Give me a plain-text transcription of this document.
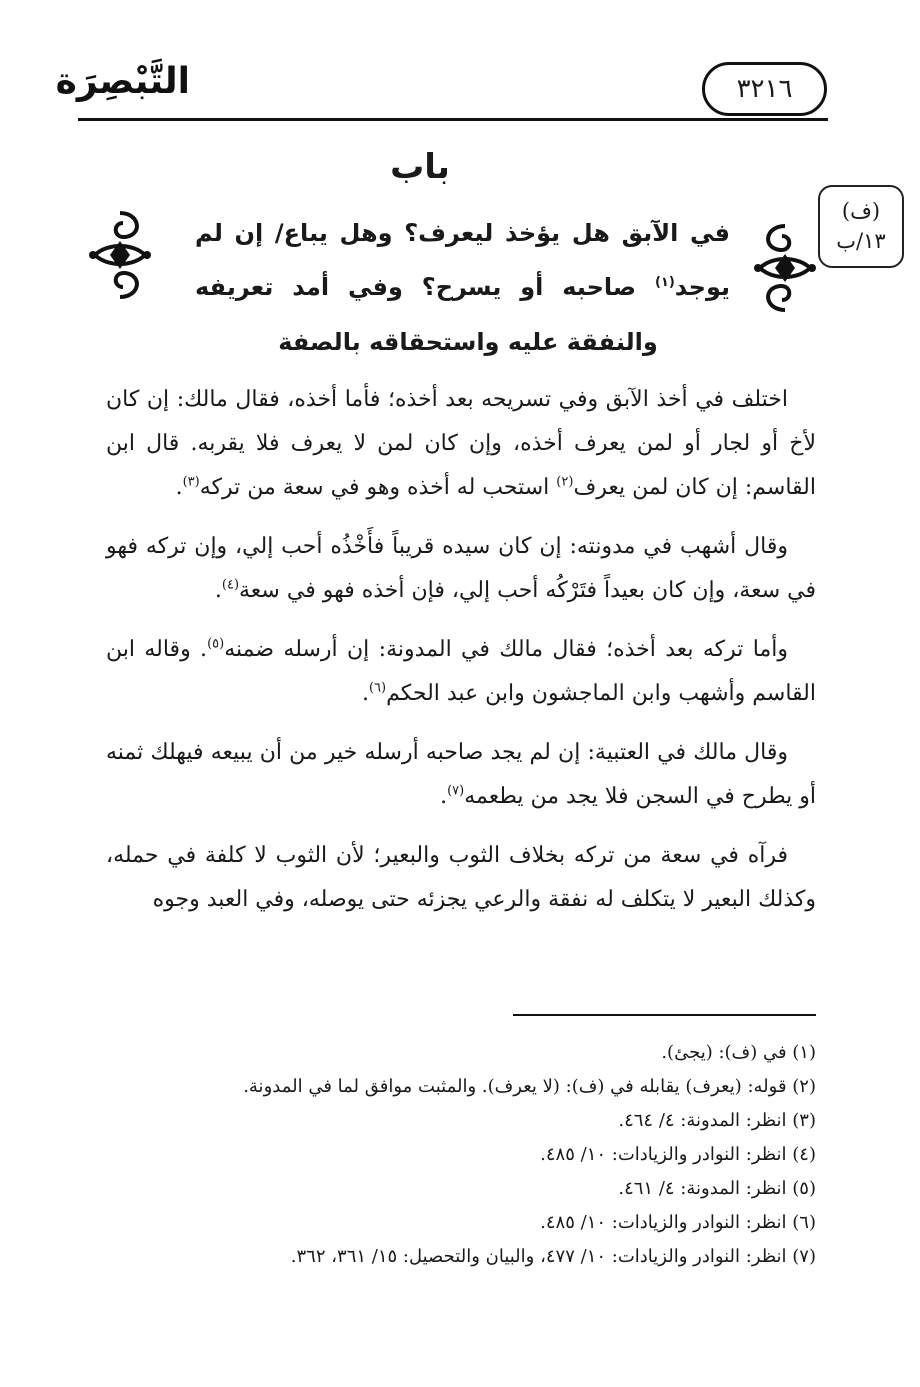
التَّبْصِرَة	٣٢١٦
(ف)
١٣/ب
باب
في الآبق هل يؤخذ ليعرف؟ وهل يباع/ إن لم
يوجد$^{(١)}$ صاحبه أو يسرح؟ وفي أمد تعريفه
والنفقة عليه واستحقاقه بالصفة

اختلف في أخذ الآبق وفي تسريحه بعد أخذه؛ فأما أخذه، فقال مالك: إن كان لأخ أو لجار أو لمن يعرف أخذه، وإن كان لمن لا يعرف فلا يقربه. قال ابن القاسم: إن كان لمن يعرف$^{(٢)}$ استحب له أخذه وهو في سعة من تركه$^{(٣)}$.

وقال أشهب في مدونته: إن كان سيده قريباً فأَخْذُه أحب إلي، وإن تركه فهو في سعة، وإن كان بعيداً فتَرْكُه أحب إلي، فإن أخذه فهو في سعة$^{(٤)}$.

وأما تركه بعد أخذه؛ فقال مالك في المدونة: إن أرسله ضمنه$^{(٥)}$. وقاله ابن القاسم وأشهب وابن الماجشون وابن عبد الحكم$^{(٦)}$.

وقال مالك في العتبية: إن لم يجد صاحبه أرسله خير من أن يبيعه فيهلك ثمنه أو يطرح في السجن فلا يجد من يطعمه$^{(٧)}$.

فرآه في سعة من تركه بخلاف الثوب والبعير؛ لأن الثوب لا كلفة في حمله، وكذلك البعير لا يتكلف له نفقة والرعي يجزئه حتى يوصله، وفي العبد وجوه

(١) في (ف): (يجئ).

(٢) قوله: (يعرف) يقابله في (ف): (لا يعرف). والمثبت موافق لما في المدونة.

(٣) انظر: المدونة: ٤/ ٤٦٤.

(٤) انظر: النوادر والزيادات: ١٠/ ٤٨٥.

(٥) انظر: المدونة: ٤/ ٤٦١.

(٦) انظر: النوادر والزيادات: ١٠/ ٤٨٥.

(٧) انظر: النوادر والزيادات: ١٠/ ٤٧٧، والبيان والتحصيل: ١٥/ ٣٦١، ٣٦٢.
